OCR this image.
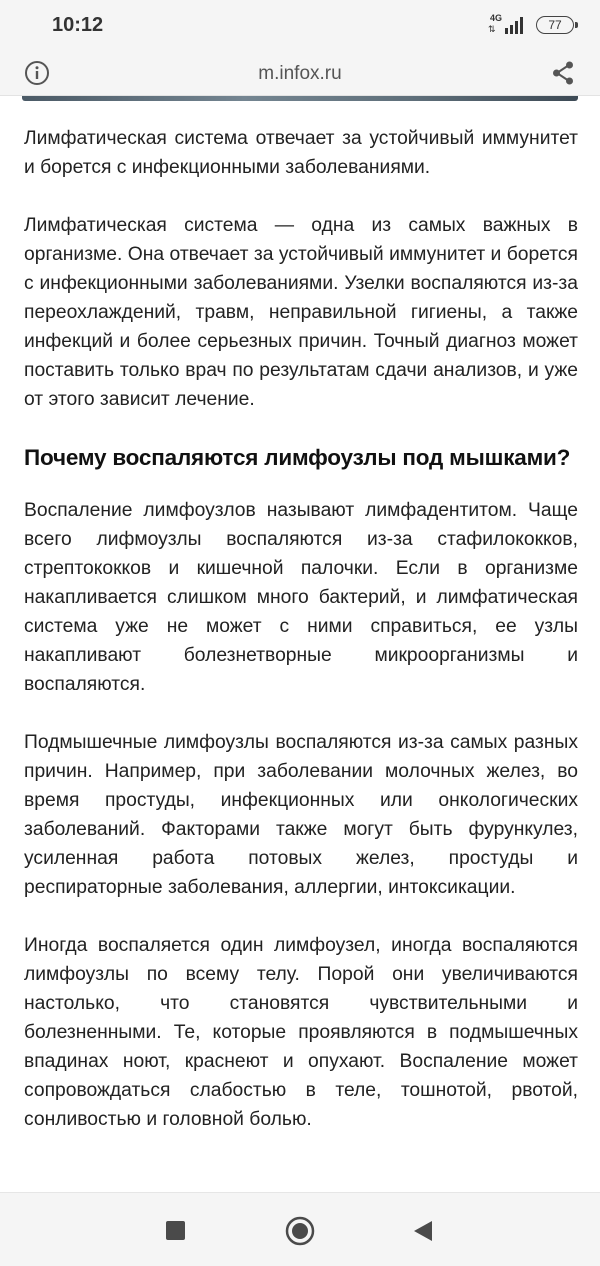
10:12	4G
⇅	77
m.infox.ru

Лимфатическая система отвечает за устойчивый иммунитет и борется с инфекционными заболеваниями.

Лимфатическая система — одна из самых важных в организме. Она отвечает за устойчивый иммунитет и борется с инфекционными заболеваниями. Узелки воспаляются из-за переохлаждений, травм, неправильной гигиены, а также инфекций и более серьезных причин. Точный диагноз может поставить только врач по результатам сдачи анализов, и уже от этого зависит лечение.

Почему воспаляются лимфоузлы под мышками?

Воспаление лимфоузлов называют лимфадентитом. Чаще всего лифмоузлы воспаляются из-за стафилококков, стрептококков и кишечной палочки. Если в организме накапливается слишком много бактерий, и лимфатическая система уже не может с ними справиться, ее узлы накапливают болезнетворные микроорганизмы и воспаляются.

Подмышечные лимфоузлы воспаляются из-за самых разных причин. Например, при заболевании молочных желез, во время простуды, инфекционных или онкологических заболеваний. Факторами также могут быть фурункулез, усиленная работа потовых желез, простуды и респираторные заболевания, аллергии, интоксикации.

Иногда воспаляется один лимфоузел, иногда воспаляются лимфоузлы по всему телу. Порой они увеличиваются настолько, что становятся чувствительными и болезненными. Те, которые проявляются в подмышечных впадинах ноют, краснеют и опухают. Воспаление может сопровождаться слабостью в теле, тошнотой, рвотой, сонливостью и головной болью.
